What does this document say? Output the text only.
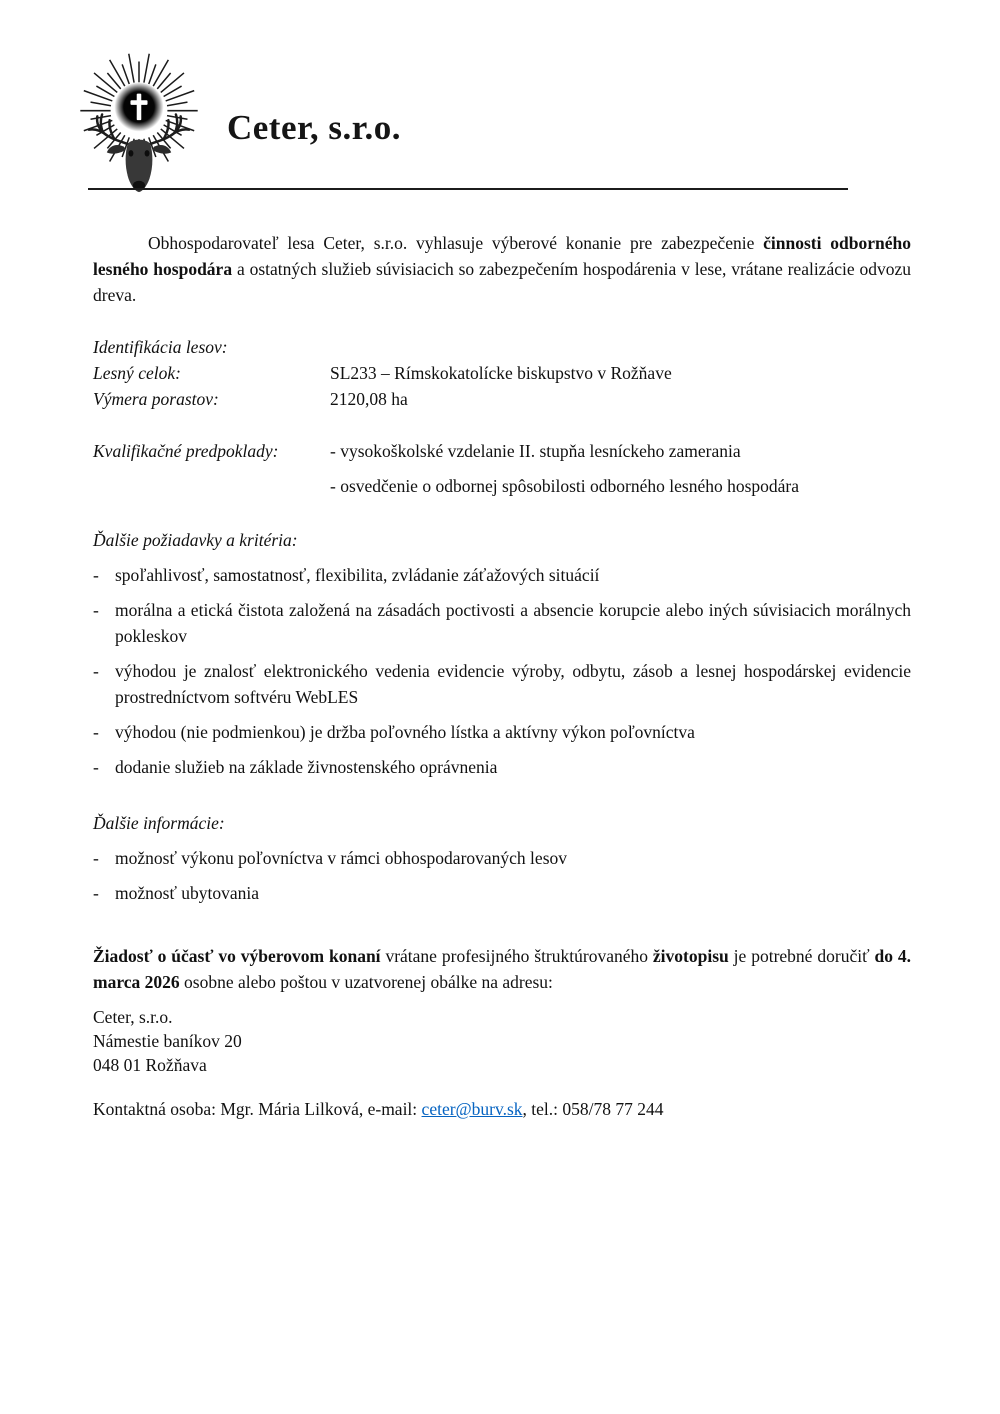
Ceter, s.r.o.

Obhospodarovateľ lesa Ceter, s.r.o. vyhlasuje výberové konanie pre zabezpečenie činnosti odborného lesného hospodára a ostatných služieb súvisiacich so zabezpečením hospodárenia v lese, vrátane realizácie odvozu dreva.

Identifikácia lesov:
Lesný celok:	SL233 – Rímskokatolícke biskupstvo v Rožňave
Výmera porastov:	2120,08 ha
Kvalifikačné predpoklady:	- vysokoškolské vzdelanie II. stupňa lesníckeho zamerania
- osvedčenie o odbornej spôsobilosti odborného lesného hospodára
Ďalšie požiadavky a kritéria:
- spoľahlivosť, samostatnosť, flexibilita, zvládanie záťažových situácií
- morálna a etická čistota založená na zásadách poctivosti a absencie korupcie alebo iných súvisiacich morálnych pokleskov
- výhodou je znalosť elektronického vedenia evidencie výroby, odbytu, zásob a lesnej hospodárskej evidencie prostredníctvom softvéru WebLES
- výhodou (nie podmienkou) je držba poľovného lístka a aktívny výkon poľovníctva
- dodanie služieb na základe živnostenského oprávnenia
Ďalšie informácie:
- možnosť výkonu poľovníctva v rámci obhospodarovaných lesov
- možnosť ubytovania

Žiadosť o účasť vo výberovom konaní vrátane profesijného štruktúrovaného životopisu je potrebné doručiť do 4. marca 2026 osobne alebo poštou v uzatvorenej obálke na adresu:

Ceter, s.r.o.
Námestie baníkov 20
048 01 Rožňava
Kontaktná osoba: Mgr. Mária Lilková, e-mail: ceter@burv.sk, tel.: 058/78 77 244
